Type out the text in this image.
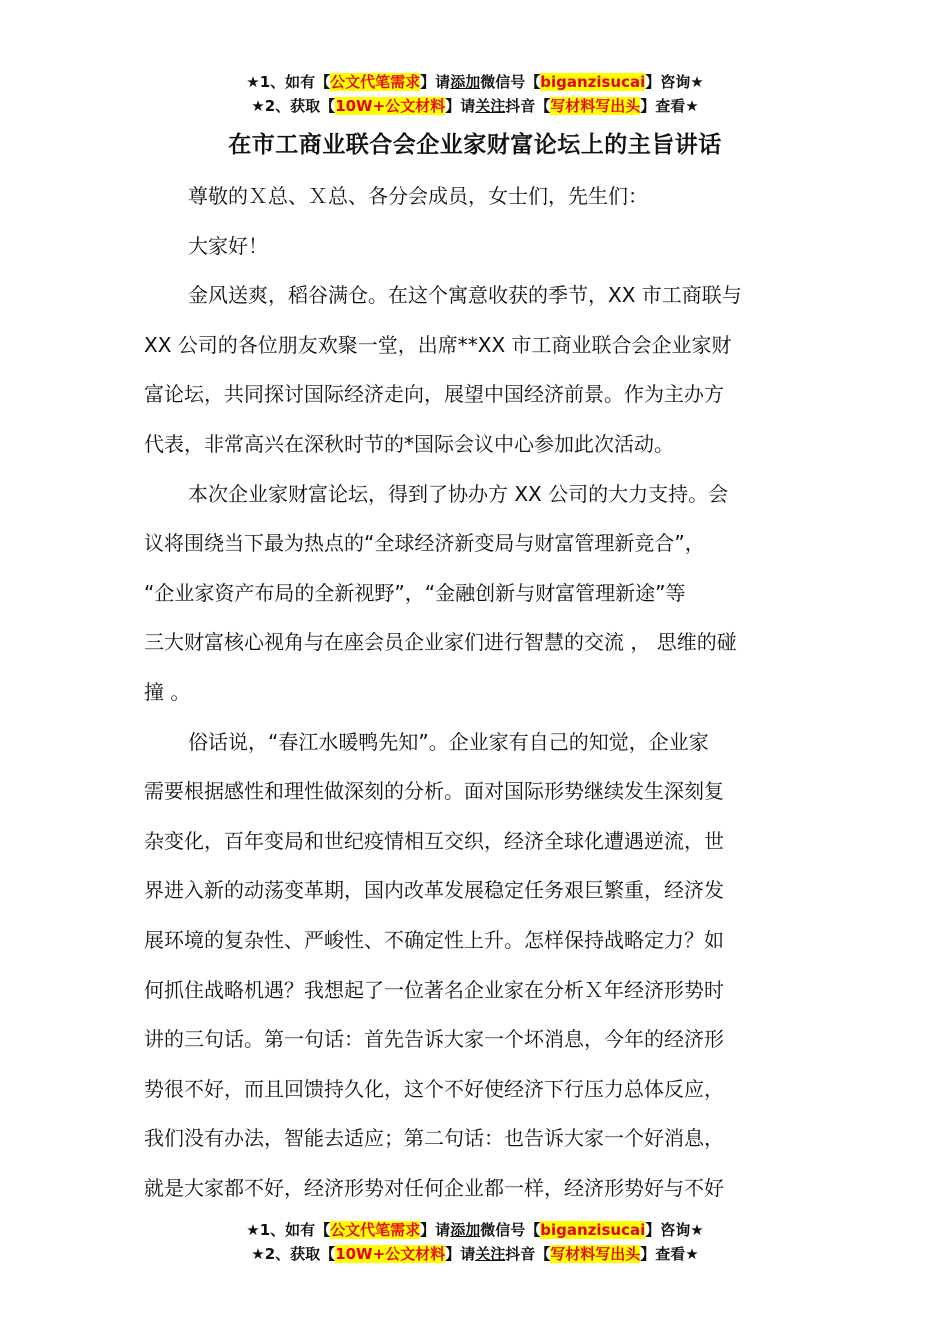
★1、如有【公文代笔需求】请添加微信号【biganzisucai】咨询★
★2、获取【10W+公文材料】请关注抖音【写材料写出头】查看★
在市工商业联合会企业家财富论坛上的主旨讲话
尊敬的Ｘ总、Ｘ总、各分会成员，女士们，先生们：
大家好！
金风送爽，稻谷满仓。在这个寓意收获的季节，XX 市工商联与
XX 公司的各位朋友欢聚一堂，出席**XX 市工商业联合会企业家财
富论坛，共同探讨国际经济走向，展望中国经济前景。作为主办方
代表，非常高兴在深秋时节的*国际会议中心参加此次活动。
本次企业家财富论坛，得到了协办方 XX 公司的大力支持。会
议将围绕当下最为热点的“全球经济新变局与财富管理新竞合”，
“企业家资产布局的全新视野”，“金融创新与财富管理新途”等
三大财富核心视角与在座会员企业家们进行智慧的交流 ， 思维的碰
撞 。
俗话说，“春江水暖鸭先知”。企业家有自己的知觉，企业家
需要根据感性和理性做深刻的分析。面对国际形势继续发生深刻复
杂变化，百年变局和世纪疫情相互交织，经济全球化遭遇逆流，世
界进入新的动荡变革期，国内改革发展稳定任务艰巨繁重，经济发
展环境的复杂性、严峻性、不确定性上升。怎样保持战略定力？如
何抓住战略机遇？我想起了一位著名企业家在分析Ｘ年经济形势时
讲的三句话。第一句话：首先告诉大家一个坏消息，今年的经济形
势很不好，而且回馈持久化，这个不好使经济下行压力总体反应，
我们没有办法，智能去适应；第二句话：也告诉大家一个好消息，
就是大家都不好，经济形势对任何企业都一样，经济形势好与不好
★1、如有【公文代笔需求】请添加微信号【biganzisucai】咨询★
★2、获取【10W+公文材料】请关注抖音【写材料写出头】查看★
